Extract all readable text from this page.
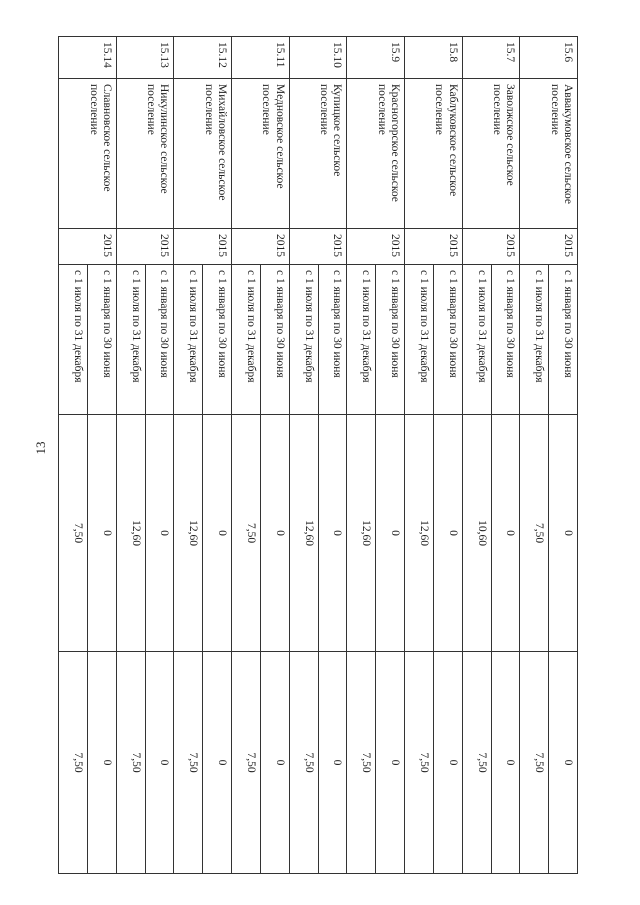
13
15.6	Аввакумовское сельское поселение	2015	с 1 января по 30 июня	0	0
			с 1 июля по 31 декабря	7,50	7,50
15.7	Заволжское сельское поселение	2015	с 1 января по 30 июня	0	0
			с 1 июля по 31 декабря	10,60	7,50
15.8	Каблуковское сельское поселение	2015	с 1 января по 30 июня	0	0
			с 1 июля по 31 декабря	12,60	7,50
15.9	Красногорское сельское поселение	2015	с 1 января по 30 июня	0	0
			с 1 июля по 31 декабря	12,60	7,50
15.10	Купицкое сельское поселение	2015	с 1 января по 30 июня	0	0
			с 1 июля по 31 декабря	12,60	7,50
15.11	Медновское сельское поселение	2015	с 1 января по 30 июня	0	0
			с 1 июля по 31 декабря	7,50	7,50
15.12	Михайловское сельское поселение	2015	с 1 января по 30 июня	0	0
			с 1 июля по 31 декабря	12,60	7,50
15.13	Никулинское сельское поселение	2015	с 1 января по 30 июня	0	0
			с 1 июля по 31 декабря	12,60	7,50
15.14	Славновское сельское поселение	2015	с 1 января по 30 июня	0	0
			с 1 июля по 31 декабря	7,50	7,50
